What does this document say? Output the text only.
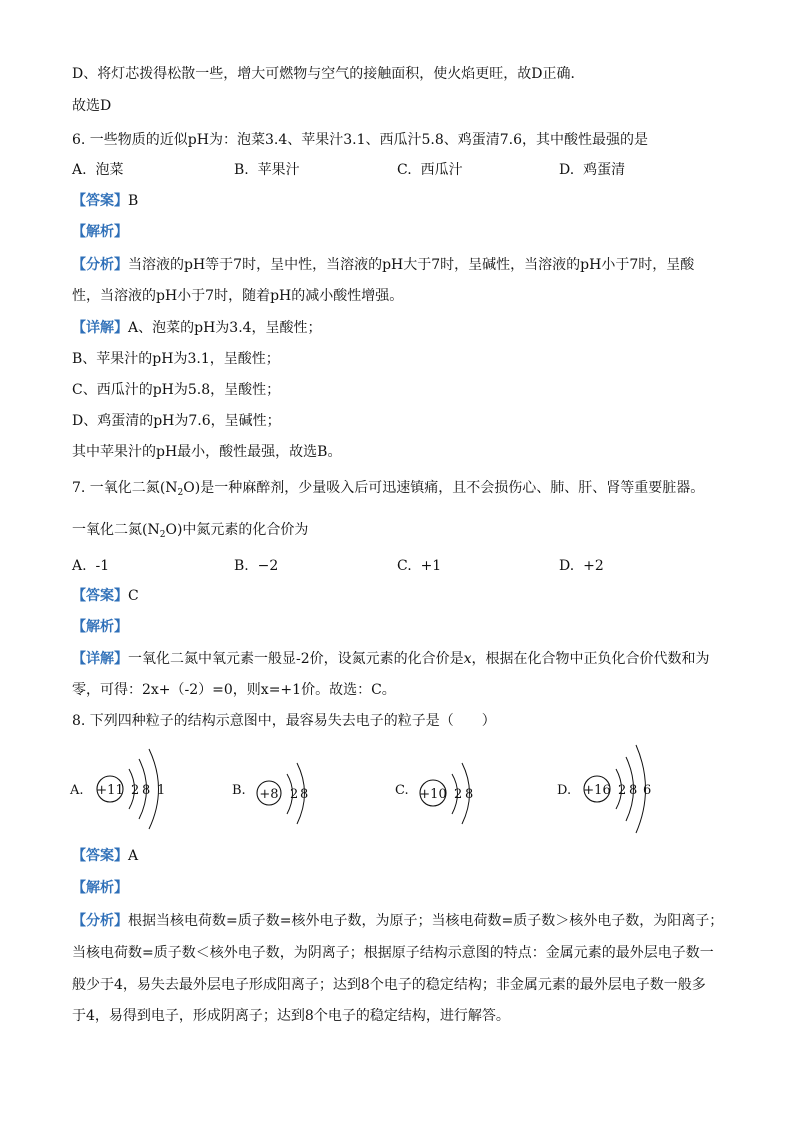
D、将灯芯拨得松散一些，增大可燃物与空气的接触面积，使火焰更旺，故D正确．
故选D
6. 一些物质的近似pH为：泡菜3.4、苹果汁3.1、西瓜汁5.8、鸡蛋清7.6，其中酸性最强的是
A. 泡菜	B. 苹果汁	C. 西瓜汁	D. 鸡蛋清
【答案】B
【解析】
【分析】当溶液的pH等于7时，呈中性，当溶液的pH大于7时，呈碱性，当溶液的pH小于7时，呈酸
性，当溶液的pH小于7时，随着pH的减小酸性增强。
【详解】A、泡菜的pH为3.4，呈酸性；
B、苹果汁的pH为3.1，呈酸性；
C、西瓜汁的pH为5.8，呈酸性；
D、鸡蛋清的pH为7.6，呈碱性；
其中苹果汁的pH最小，酸性最强，故选B。
7. 一氧化二氮$(N_2O)$是一种麻醉剂，少量吸入后可迅速镇痛，且不会损伤心、肺、肝、肾等重要脏器。
一氧化二氮$(N_2O)$中氮元素的化合价为
A. -1	B. −2	C. +1	D. +2
【答案】C
【解析】
【详解】一氧化二氮中氧元素一般显-2价，设氮元素的化合价是x，根据在化合物中正负化合价代数和为
零，可得：2x+（-2）=0，则x=+1价。故选：C。
8. 下列四种粒子的结构示意图中，最容易失去电子的粒子是（　　）
A. +11 2 8 1	B. +8 2 8	C. +10 2 8	D. +16 2 8 6
【答案】A
【解析】
【分析】根据当核电荷数=质子数=核外电子数，为原子；当核电荷数=质子数＞核外电子数，为阳离子；
当核电荷数=质子数＜核外电子数，为阴离子；根据原子结构示意图的特点：金属元素的最外层电子数一
般少于4，易失去最外层电子形成阳离子；达到8个电子的稳定结构；非金属元素的最外层电子数一般多
于4，易得到电子，形成阴离子；达到8个电子的稳定结构，进行解答。
